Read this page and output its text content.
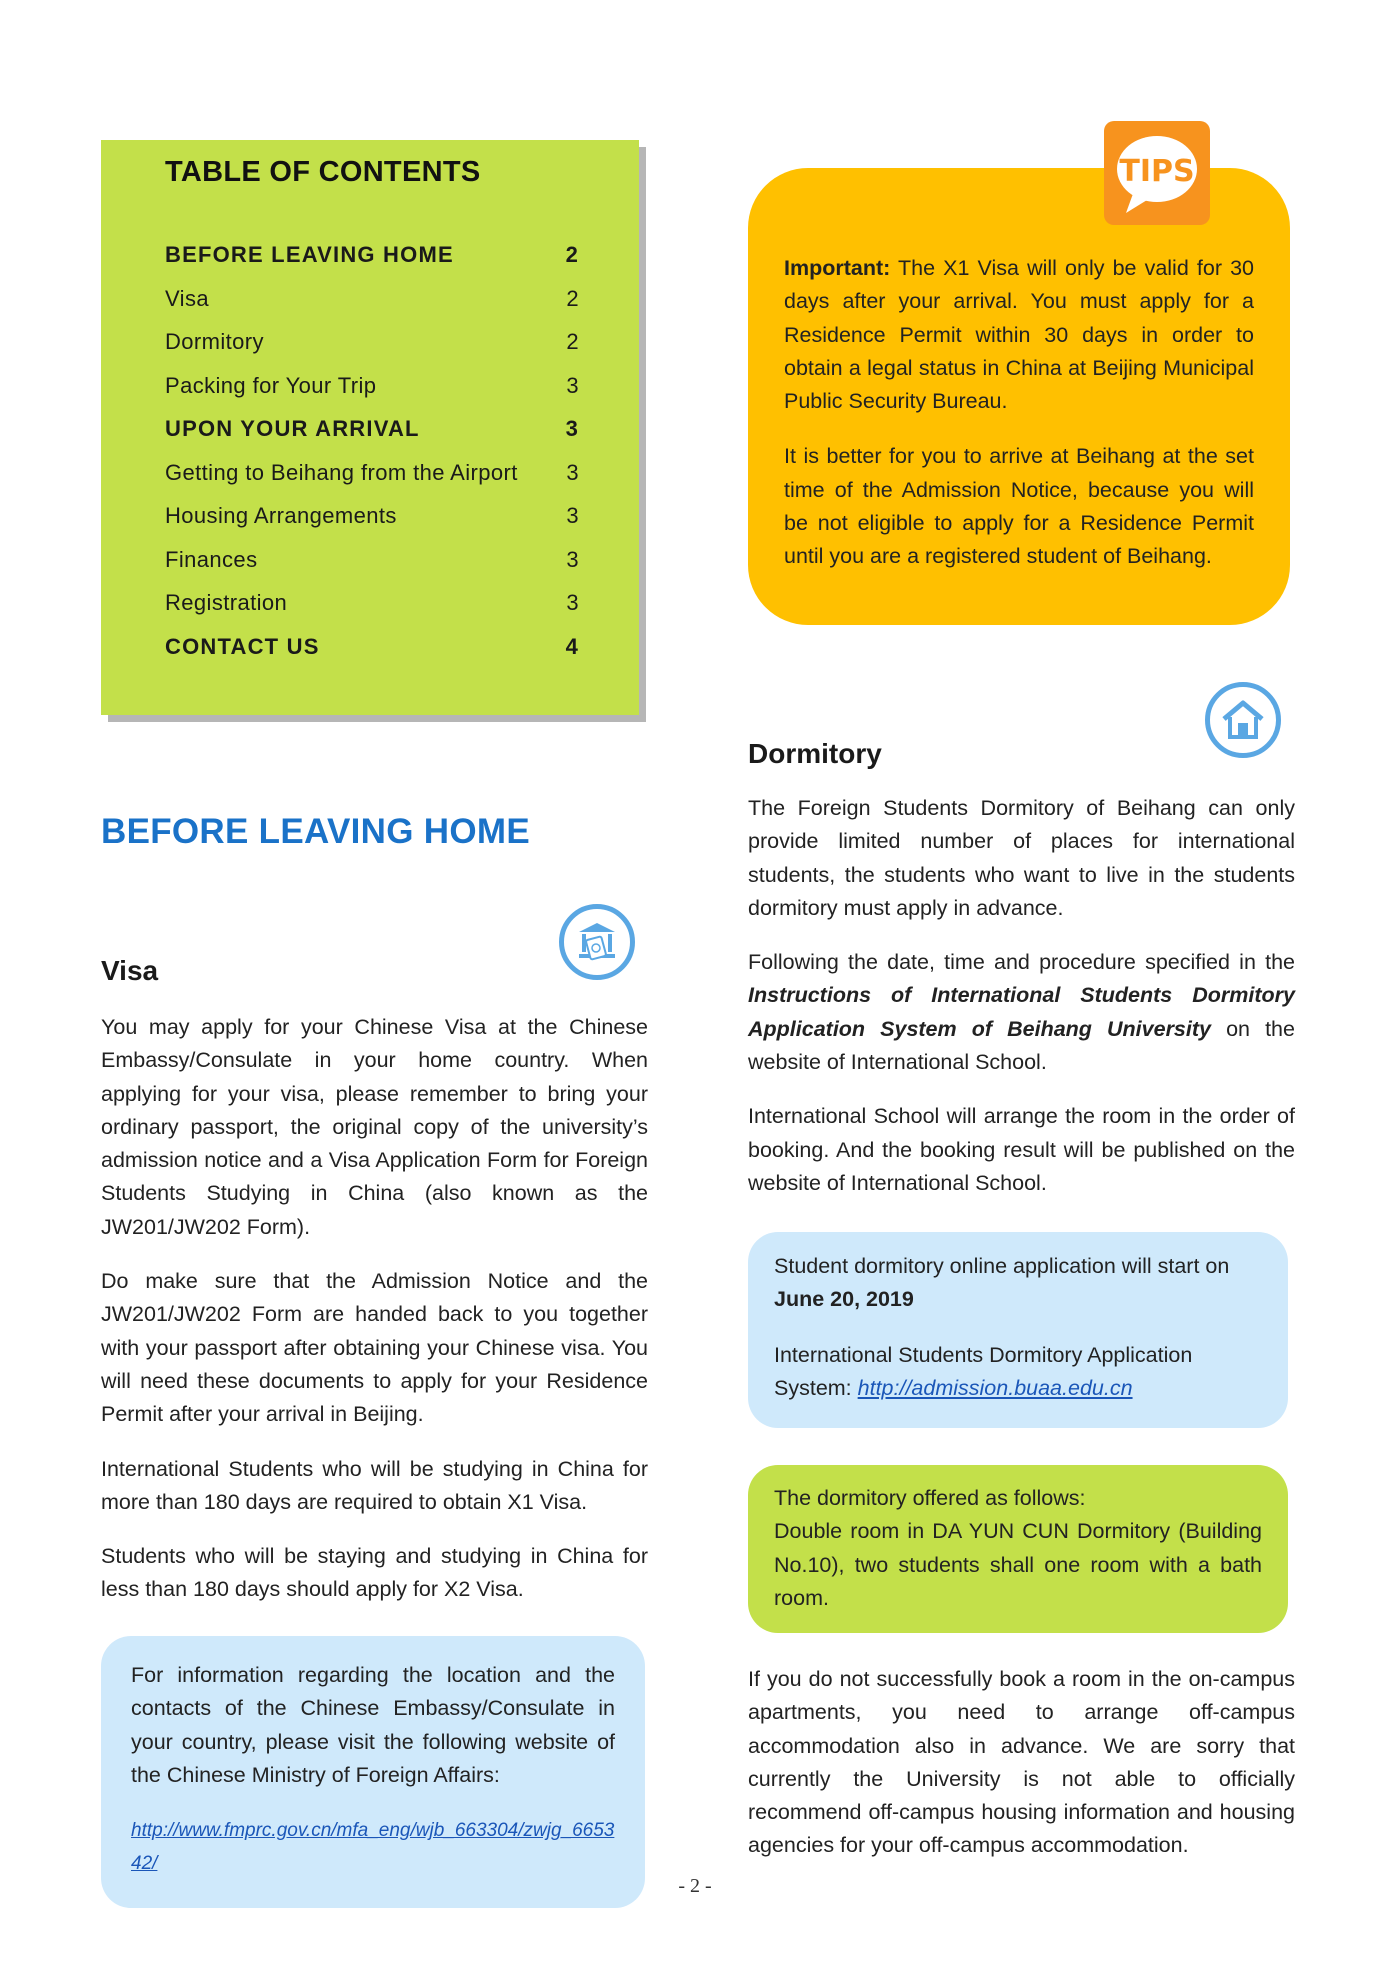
TABLE OF CONTENTS
BEFORE LEAVING HOME	2
Visa	2
Dormitory	2
Packing for Your Trip	3
UPON YOUR ARRIVAL	3
Getting to Beihang from the Airport 3
Housing Arrangements	3
Finances	3
Registration	3
CONTACT US	4

Important: The X1 Visa will only be valid for 30 days after your arrival. You must apply for a Residence Permit within 30 days in order to obtain a legal status in China at Beijing Municipal Public Security Bureau.

It is better for you to arrive at Beihang at the set time of the Admission Notice, because you will be not eligible to apply for a Residence Permit until you are a registered student of Beihang.

TIPS
BEFORE LEAVING HOME
Visa

You may apply for your Chinese Visa at the Chinese Embassy/Consulate in your home country. When applying for your visa, please remember to bring your ordinary passport, the original copy of the university’s admission notice and a Visa Application Form for Foreign Students Studying in China (also known as the JW201/JW202 Form).

Do make sure that the Admission Notice and the JW201/JW202 Form are handed back to you together with your passport after obtaining your Chinese visa. You will need these documents to apply for your Residence Permit after your arrival in Beijing.

International Students who will be studying in China for more than 180 days are required to obtain X1 Visa.

Students who will be staying and studying in China for less than 180 days should apply for X2 Visa.

For information regarding the location and the contacts of the Chinese Embassy/Consulate in your country, please visit the following website of the Chinese Ministry of Foreign Affairs:

http://www.fmprc.gov.cn/mfa_eng/wjb_663304/zwjg_665342/
Dormitory

The Foreign Students Dormitory of Beihang can only provide limited number of places for international students, the students who want to live in the students dormitory must apply in advance.

Following the date, time and procedure specified in the Instructions of International Students Dormitory Application System of Beihang University on the website of International School.

International School will arrange the room in the order of booking. And the booking result will be published on the website of International School.

Student dormitory online application will start on

June 20, 2019

International Students Dormitory Application System: http://admission.buaa.edu.cn

The dormitory offered as follows:

Double room in DA YUN CUN Dormitory (Building No.10), two students shall one room with a bath room.

If you do not successfully book a room in the on-campus apartments, you need to arrange off-campus accommodation also in advance. We are sorry that currently the University is not able to officially recommend off-campus housing information and housing agencies for your off-campus accommodation.
- 2 -
